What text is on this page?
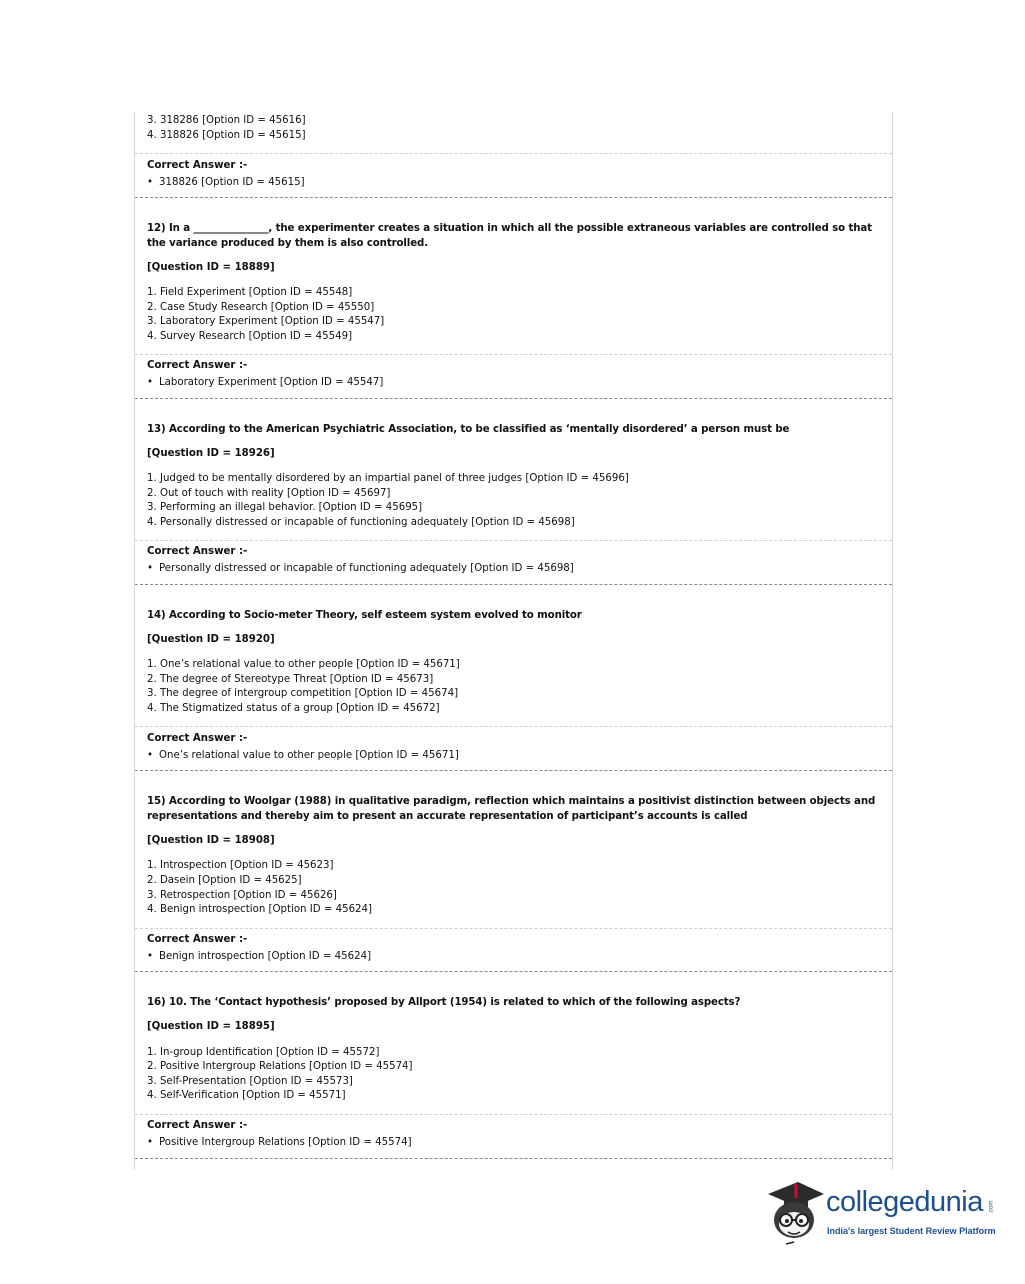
3. 318286 [Option ID = 45616]
4. 318826 [Option ID = 45615]
Correct Answer :-
• 318826 [Option ID = 45615]
12) In a _______________, the experimenter creates a situation in which all the possible extraneous variables are controlled so that the variance produced by them is also controlled.
[Question ID = 18889]
1. Field Experiment [Option ID = 45548]
2. Case Study Research [Option ID = 45550]
3. Laboratory Experiment [Option ID = 45547]
4. Survey Research [Option ID = 45549]
Correct Answer :-
• Laboratory Experiment [Option ID = 45547]
13) According to the American Psychiatric Association, to be classified as ‘mentally disordered’ a person must be
[Question ID = 18926]
1. Judged to be mentally disordered by an impartial panel of three judges [Option ID = 45696]
2. Out of touch with reality [Option ID = 45697]
3. Performing an illegal behavior. [Option ID = 45695]
4. Personally distressed or incapable of functioning adequately [Option ID = 45698]
Correct Answer :-
• Personally distressed or incapable of functioning adequately [Option ID = 45698]
14) According to Socio-meter Theory, self esteem system evolved to monitor
[Question ID = 18920]
1. One’s relational value to other people [Option ID = 45671]
2. The degree of Stereotype Threat [Option ID = 45673]
3. The degree of intergroup competition [Option ID = 45674]
4. The Stigmatized status of a group [Option ID = 45672]
Correct Answer :-
• One’s relational value to other people [Option ID = 45671]
15) According to Woolgar (1988) in qualitative paradigm, reflection which maintains a positivist distinction between objects and representations and thereby aim to present an accurate representation of participant’s accounts is called
[Question ID = 18908]
1. Introspection [Option ID = 45623]
2. Dasein [Option ID = 45625]
3. Retrospection [Option ID = 45626]
4. Benign introspection [Option ID = 45624]
Correct Answer :-
• Benign introspection [Option ID = 45624]
16) 10. The ‘Contact hypothesis’ proposed by Allport (1954) is related to which of the following aspects?
[Question ID = 18895]
1. In-group Identification [Option ID = 45572]
2. Positive Intergroup Relations [Option ID = 45574]
3. Self-Presentation [Option ID = 45573]
4. Self-Verification [Option ID = 45571]
Correct Answer :-
• Positive Intergroup Relations [Option ID = 45574]
collegedunia .com
India's largest Student Review Platform
